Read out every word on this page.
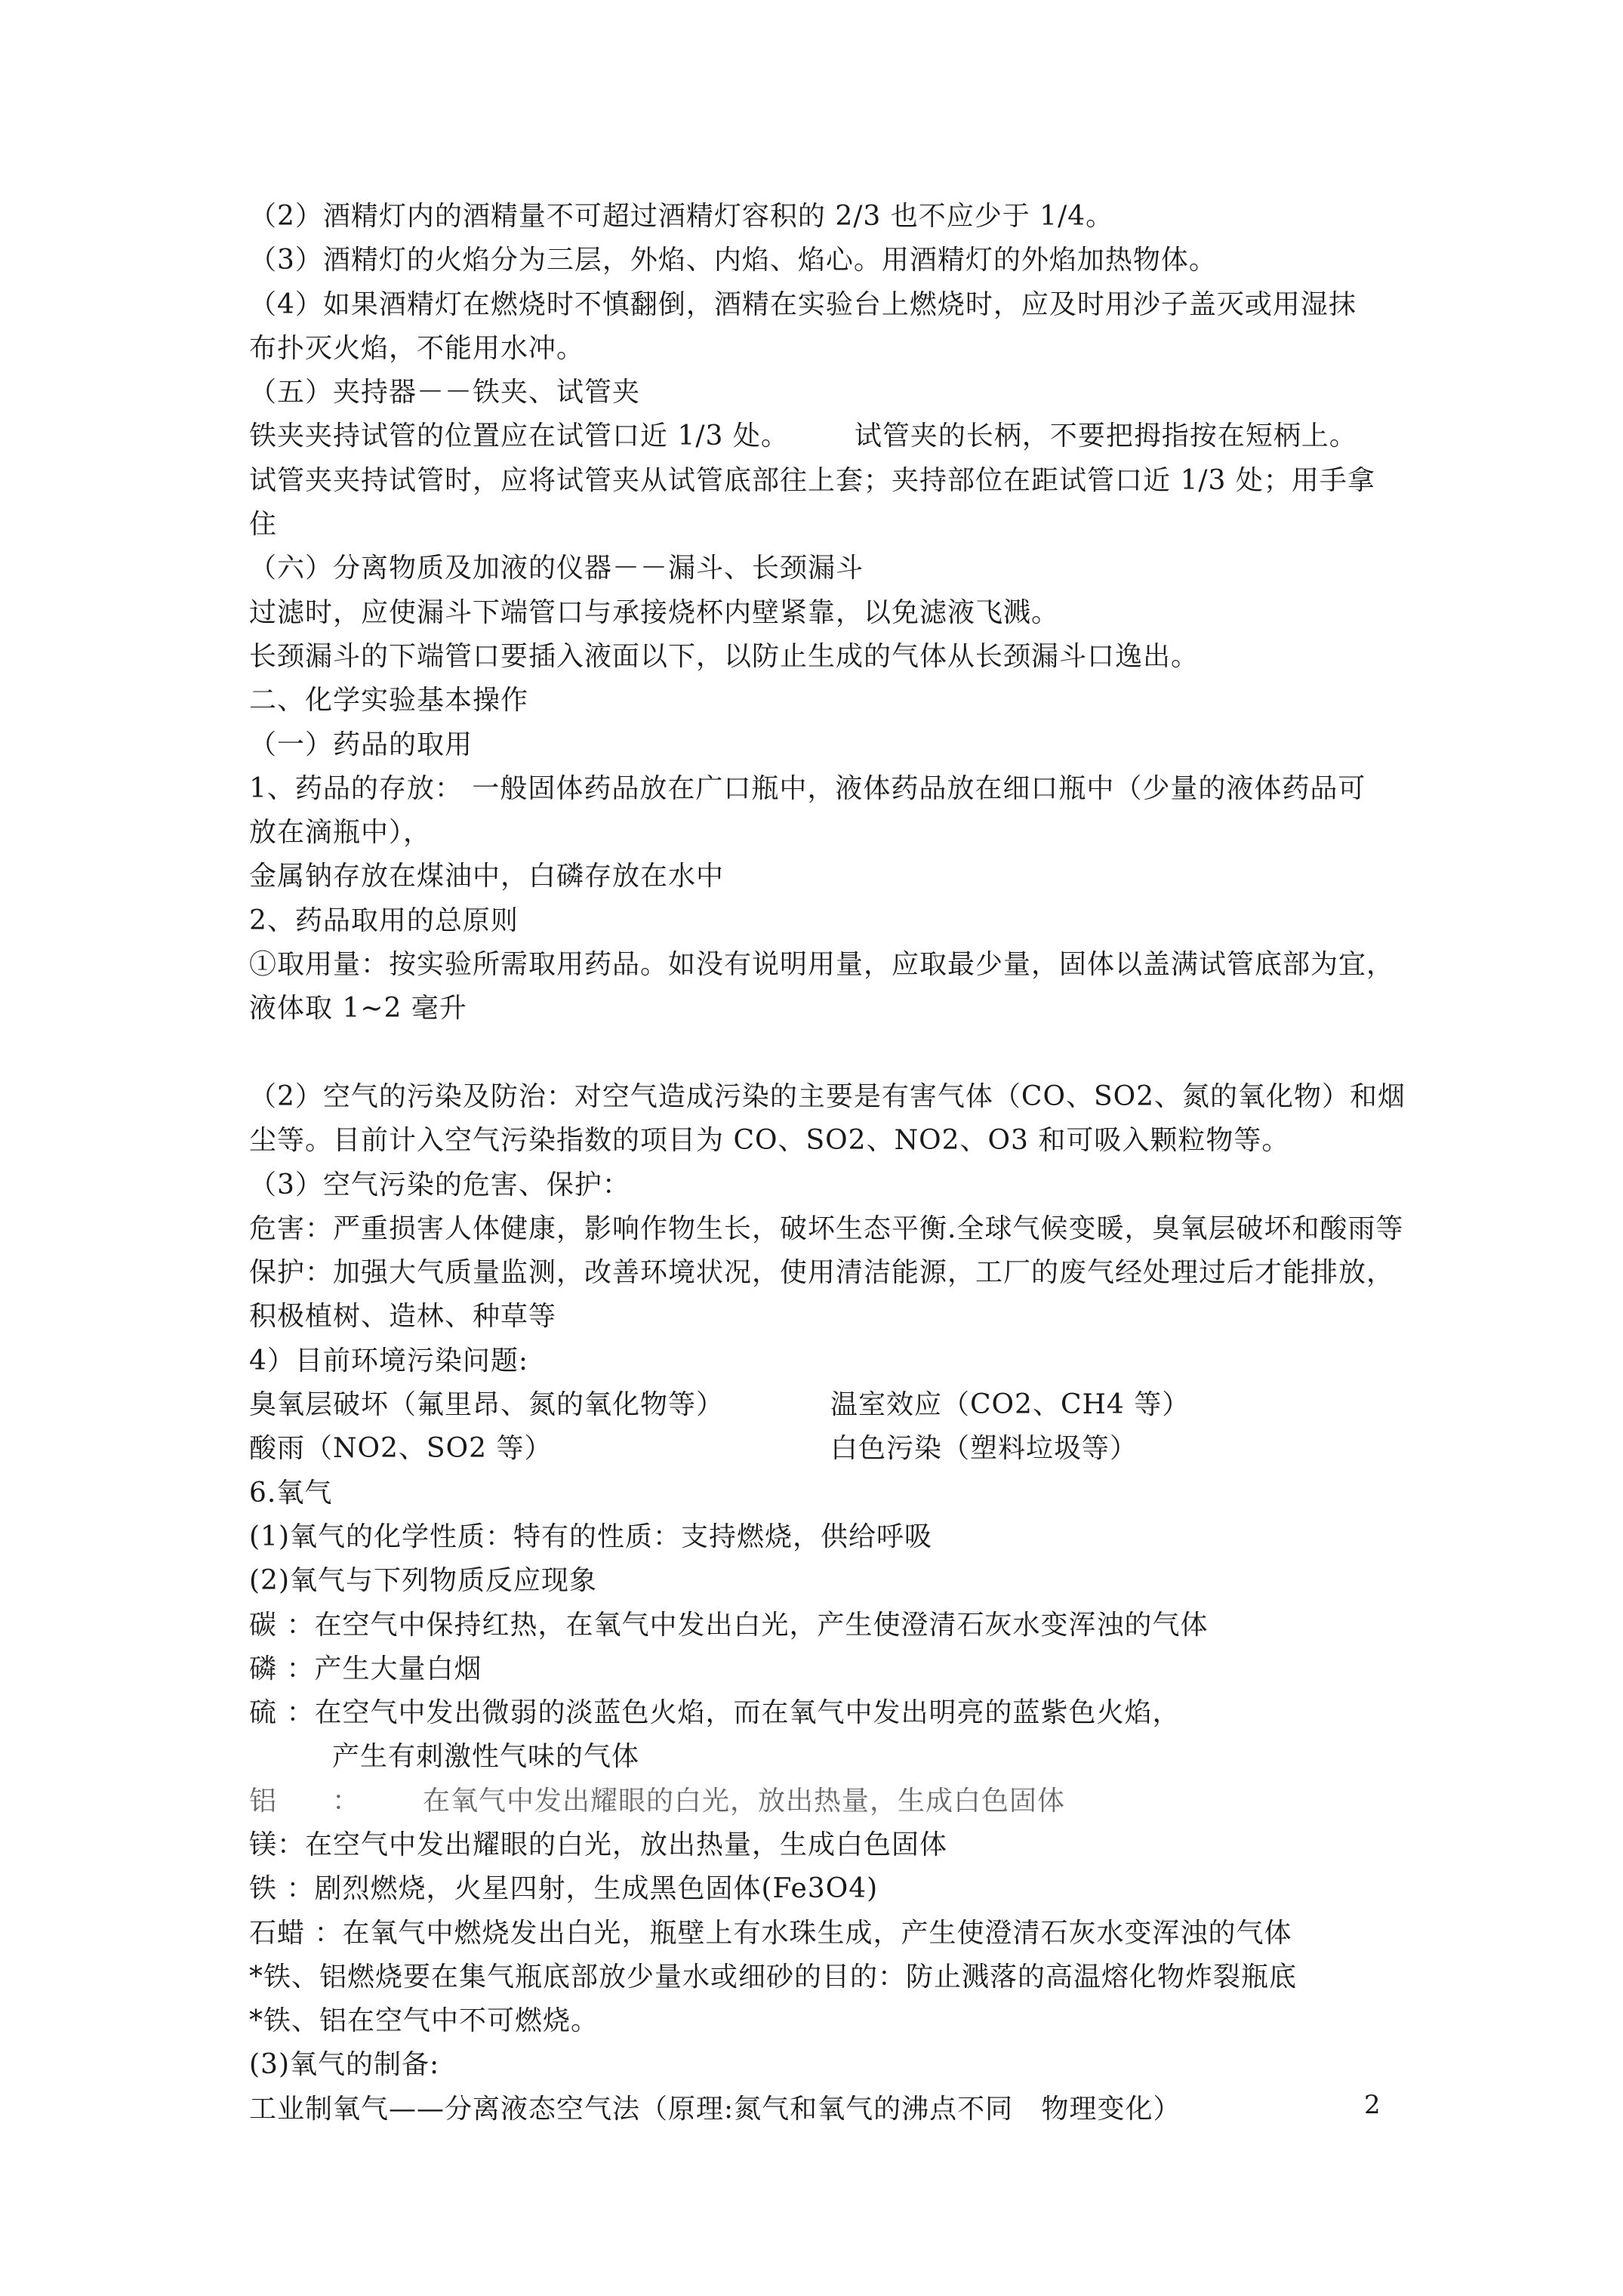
（2）酒精灯内的酒精量不可超过酒精灯容积的 2/3 也不应少于 1/4。
（3）酒精灯的火焰分为三层，外焰、内焰、焰心。用酒精灯的外焰加热物体。
（4）如果酒精灯在燃烧时不慎翻倒，酒精在实验台上燃烧时，应及时用沙子盖灭或用湿抹
布扑灭火焰，不能用水冲。
（五）夹持器－－铁夹、试管夹
铁夹夹持试管的位置应在试管口近 1/3 处。       试管夹的长柄，不要把拇指按在短柄上。
试管夹夹持试管时，应将试管夹从试管底部往上套；夹持部位在距试管口近 1/3 处；用手拿
住
（六）分离物质及加液的仪器－－漏斗、长颈漏斗
过滤时，应使漏斗下端管口与承接烧杯内壁紧靠，以免滤液飞溅。
长颈漏斗的下端管口要插入液面以下，以防止生成的气体从长颈漏斗口逸出。
二、化学实验基本操作
（一）药品的取用
1、药品的存放： 一般固体药品放在广口瓶中，液体药品放在细口瓶中（少量的液体药品可
放在滴瓶中），
金属钠存放在煤油中，白磷存放在水中
2、药品取用的总原则
①取用量：按实验所需取用药品。如没有说明用量，应取最少量，固体以盖满试管底部为宜，
液体取 1~2 毫升
（2）空气的污染及防治：对空气造成污染的主要是有害气体（CO、SO2、氮的氧化物）和烟
尘等。目前计入空气污染指数的项目为 CO、SO2、NO2、O3 和可吸入颗粒物等。
（3）空气污染的危害、保护：
危害：严重损害人体健康，影响作物生长，破坏生态平衡.全球气候变暖，臭氧层破坏和酸雨等
保护：加强大气质量监测，改善环境状况，使用清洁能源，工厂的废气经处理过后才能排放，
积极植树、造林、种草等
4）目前环境污染问题:
臭氧层破坏（氟里昂、氮的氧化物等）	温室效应（CO2、CH4 等）
酸雨（NO2、SO2 等）	白色污染（塑料垃圾等）
6.氧气
(1)氧气的化学性质：特有的性质：支持燃烧，供给呼吸
(2)氧气与下列物质反应现象
碳 ：在空气中保持红热，在氧气中发出白光，产生使澄清石灰水变浑浊的气体
磷 ：产生大量白烟
硫 ：在空气中发出微弱的淡蓝色火焰，而在氧气中发出明亮的蓝紫色火焰，
产生有刺激性气味的气体
铝	：	在氧气中发出耀眼的白光，放出热量，生成白色固体
镁：在空气中发出耀眼的白光，放出热量，生成白色固体
铁 ：剧烈燃烧，火星四射，生成黑色固体(Fe3O4)
石蜡 ：在氧气中燃烧发出白光，瓶壁上有水珠生成，产生使澄清石灰水变浑浊的气体
*铁、铝燃烧要在集气瓶底部放少量水或细砂的目的：防止溅落的高温熔化物炸裂瓶底
*铁、铝在空气中不可燃烧。
(3)氧气的制备:
工业制氧气——分离液态空气法（原理:氮气和氧气的沸点不同   物理变化）	2
